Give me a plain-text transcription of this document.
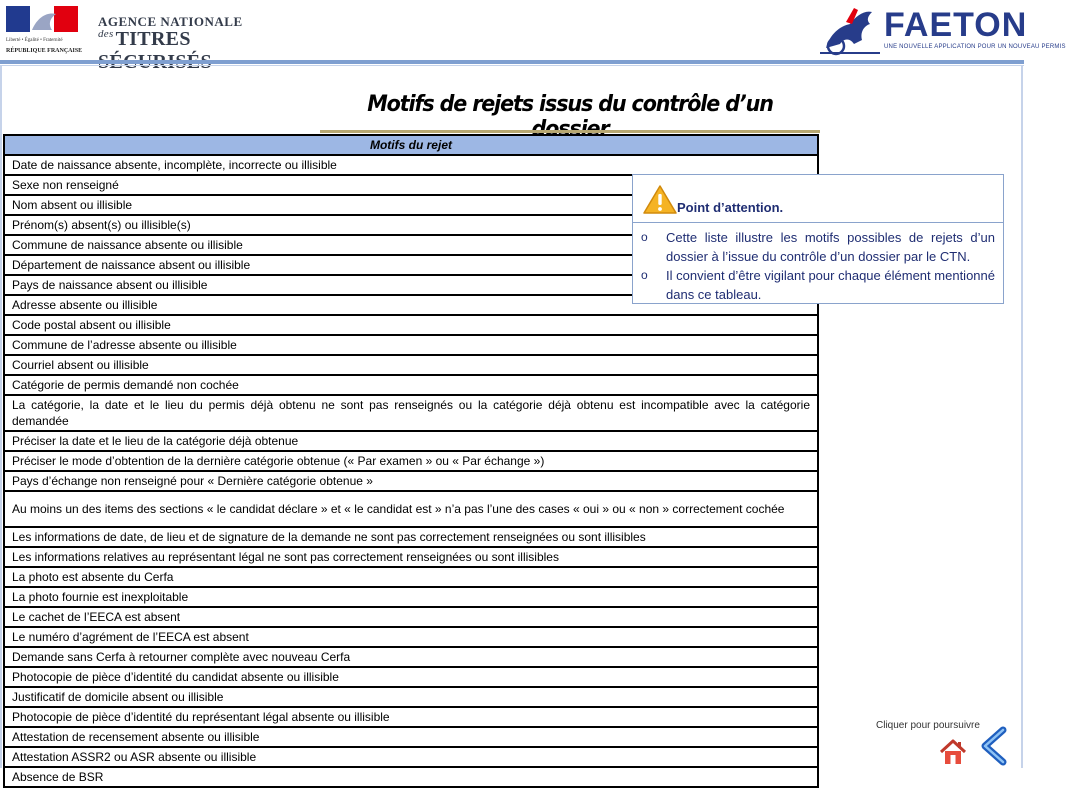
Liberté • Égalité • Fraternité
RÉPUBLIQUE FRANÇAISE
AGENCE NATIONALE
$^{des}$ TITRES	FAETON
UNE NOUVELLE APPLICATION POUR UN NOUVEAU PERMIS
Motifs de rejets issus du contrôle d’un
Motifs du rejet
Date de naissance absente, incomplète, incorrecte ou illisible
Sexe non renseigné
Nom absent ou illisible
Prénom(s) absent(s) ou illisible(s)
Commune de naissance absente ou illisible
Département de naissance absent ou illisible
Pays de naissance absent ou illisible
Adresse absente ou illisible
Code postal absent ou illisible
Commune de l’adresse absente ou illisible
Courriel absent ou illisible
Catégorie de permis demandé non cochée
La catégorie, la date et le lieu du permis déjà obtenu ne sont pas renseignés ou la catégorie déjà obtenu est incompatible avec la catégorie demandée
Préciser la date et le lieu de la catégorie déjà obtenue
Préciser le mode d’obtention de la dernière catégorie obtenue (« Par examen » ou « Par échange »)
Pays d’échange non renseigné pour « Dernière catégorie obtenue »
Au moins un des items des sections « le candidat déclare » et « le candidat est » n’a pas l’une des cases « oui » ou « non » correctement cochée
Les informations de date, de lieu et de signature de la demande ne sont pas correctement renseignées ou sont illisibles
Les informations relatives au représentant légal ne sont pas correctement renseignées ou sont illisibles
La photo est absente du Cerfa
La photo fournie est inexploitable
Le cachet de l’EECA est absent
Le numéro d’agrément de l’EECA est absent
Demande sans Cerfa à retourner complète avec nouveau Cerfa
Photocopie de pièce d’identité du candidat absente ou illisible
Justificatif de domicile absent ou illisible
Photocopie de pièce d’identité du représentant légal absente ou illisible
Attestation de recensement absente ou illisible
Attestation ASSR2 ou ASR absente ou illisible
Absence de BSR
Point d’attention.
o Cette liste illustre les motifs possibles de rejets d’un dossier à l’issue du contrôle d’un dossier par le CTN.
o Il convient d’être vigilant pour chaque élément mentionné dans ce tableau.
Cliquer pour poursuivre
